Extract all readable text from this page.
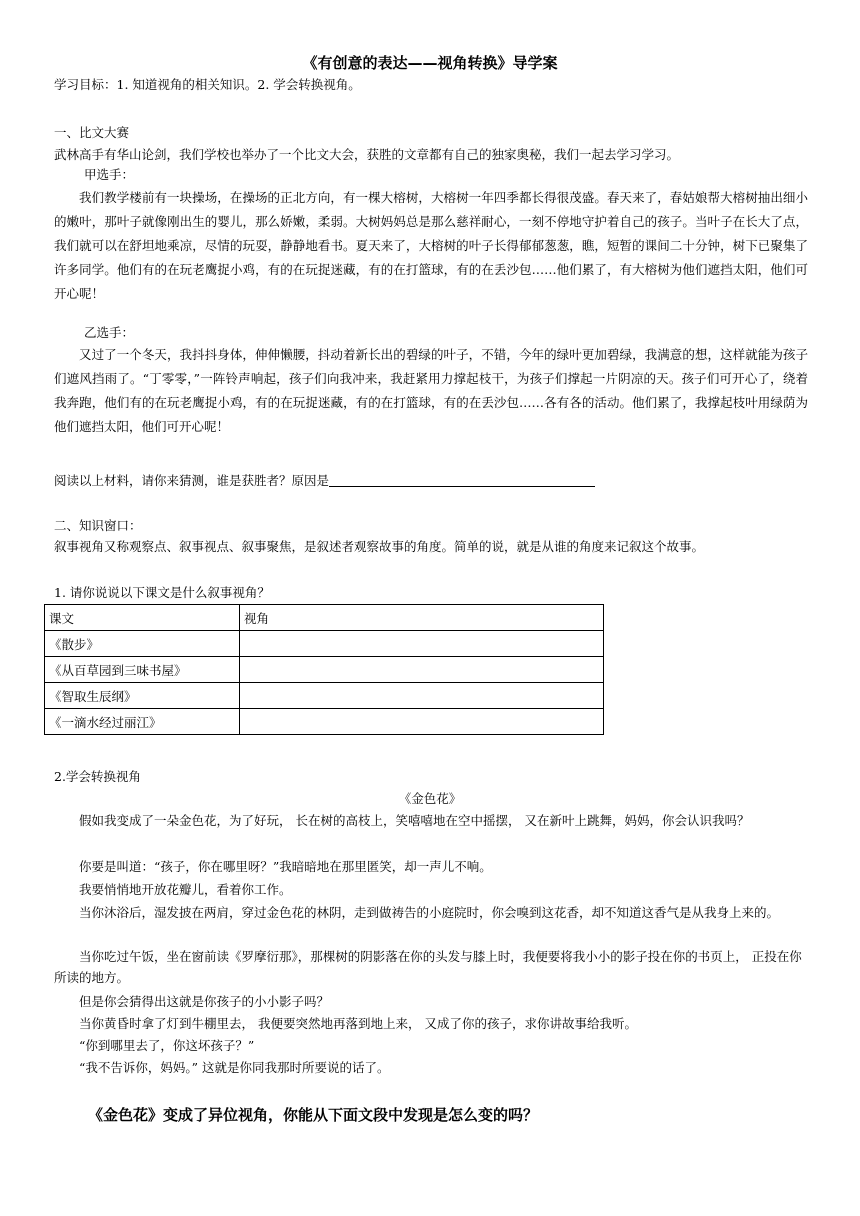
《有创意的表达——视角转换》导学案
学习目标：1. 知道视角的相关知识。2. 学会转换视角。
一、比文大赛
武林高手有华山论剑，我们学校也举办了一个比文大会，获胜的文章都有自己的独家奥秘，我们一起去学习学习。
甲选手：
我们教学楼前有一块操场，在操场的正北方向，有一棵大榕树，大榕树一年四季都长得很茂盛。春天来了，春姑娘帮大榕树抽出细小的嫩叶，那叶子就像刚出生的婴儿，那么娇嫩，柔弱。大树妈妈总是那么慈祥耐心，一刻不停地守护着自己的孩子。当叶子在长大了点，我们就可以在舒坦地乘凉，尽情的玩耍，静静地看书。夏天来了，大榕树的叶子长得郁郁葱葱，瞧，短暂的课间二十分钟，树下已聚集了许多同学。他们有的在玩老鹰捉小鸡，有的在玩捉迷藏，有的在打篮球，有的在丢沙包……他们累了，有大榕树为他们遮挡太阳，他们可开心呢！
乙选手：
又过了一个冬天，我抖抖身体，伸伸懒腰，抖动着新长出的碧绿的叶子，不错，今年的绿叶更加碧绿，我满意的想，这样就能为孩子们遮风挡雨了。“丁零零，”一阵铃声响起，孩子们向我冲来，我赶紧用力撑起枝干，为孩子们撑起一片阴凉的天。孩子们可开心了，绕着我奔跑，他们有的在玩老鹰捉小鸡，有的在玩捉迷藏，有的在打篮球，有的在丢沙包……各有各的活动。他们累了，我撑起枝叶用绿荫为他们遮挡太阳，他们可开心呢！
阅读以上材料，请你来猜测，谁是获胜者？原因是
二、知识窗口：
叙事视角又称观察点、叙事视点、叙事聚焦，是叙述者观察故事的角度。简单的说，就是从谁的角度来记叙这个故事。
1. 请你说说以下课文是什么叙事视角？
课文	视角
《散步》	
《从百草园到三味书屋》	
《智取生辰纲》	
《一滴水经过丽江》	
2.学会转换视角
《金色花》
假如我变成了一朵金色花，为了好玩， 长在树的高枝上，笑嘻嘻地在空中摇摆， 又在新叶上跳舞，妈妈，你会认识我吗？
你要是叫道：“孩子，你在哪里呀？”我暗暗地在那里匿笑，却一声儿不响。
我要悄悄地开放花瓣儿，看着你工作。
当你沐浴后，湿发披在两肩，穿过金色花的林阴，走到做祷告的小庭院时，你会嗅到这花香，却不知道这香气是从我身上来的。
当你吃过午饭，坐在窗前读《罗摩衍那》，那棵树的阴影落在你的头发与膝上时，我便要将我小小的影子投在你的书页上， 正投在你所读的地方。
但是你会猜得出这就是你孩子的小小影子吗？
当你黄昏时拿了灯到牛棚里去， 我便要突然地再落到地上来， 又成了你的孩子，求你讲故事给我听。
“你到哪里去了，你这坏孩子？”
“我不告诉你，妈妈。” 这就是你同我那时所要说的话了。
《金色花》变成了异位视角，你能从下面文段中发现是怎么变的吗？
